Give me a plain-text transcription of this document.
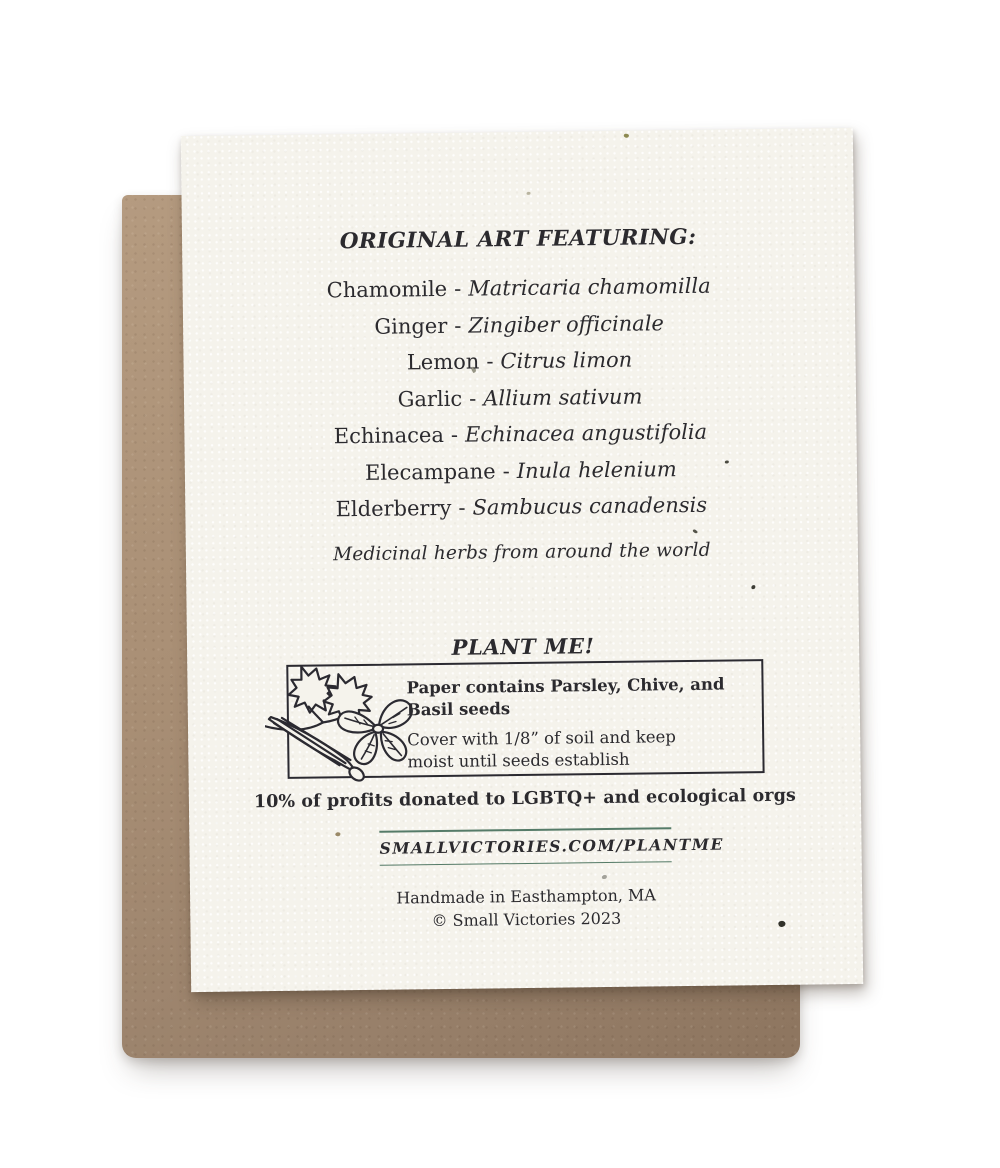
ORIGINAL ART FEATURING:
Chamomile - Matricaria chamomilla
Ginger - Zingiber officinale
Lemon - Citrus limon
Garlic - Allium sativum
Echinacea - Echinacea angustifolia
Elecampane - Inula helenium
Elderberry - Sambucus canadensis
Medicinal herbs from around the world
PLANT ME!

Paper contains Parsley, Chive, and Basil seeds

Cover with 1/8” of soil and keep moist until seeds establish

10% of profits donated to LGBTQ+ and ecological orgs
SMALLVICTORIES.COM/PLANTME
Handmade in Easthampton, MA
© Small Victories 2023
